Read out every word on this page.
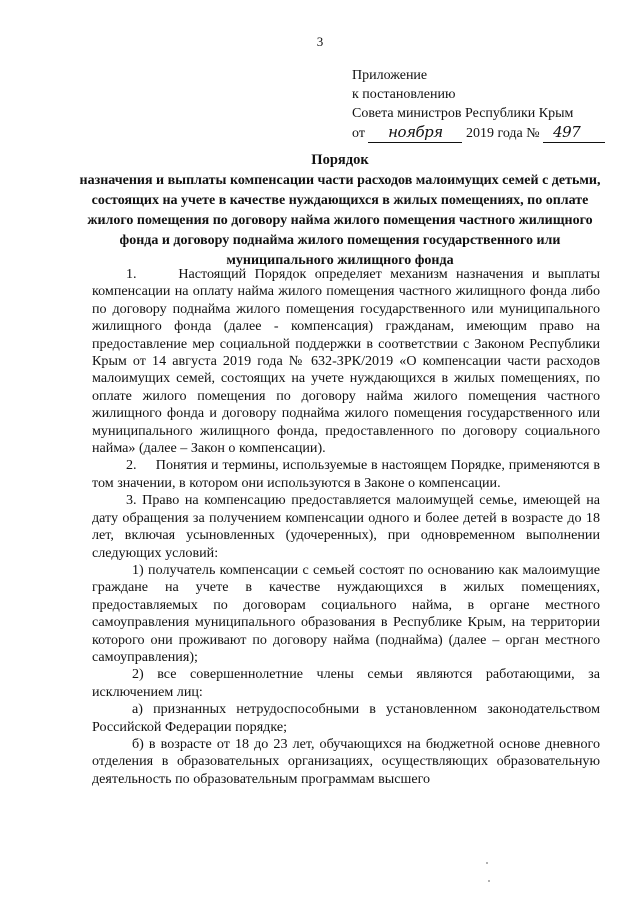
3
Приложение
к постановлению
Совета министров Республики Крым
от ноября 2019 года № 497
Порядок
назначения и выплаты компенсации части расходов малоимущих семей с детьми, состоящих на учете в качестве нуждающихся в жилых помещениях, по оплате жилого помещения по договору найма жилого помещения частного жилищного фонда и договору поднайма жилого помещения государственного или муниципального жилищного фонда

1.     Настоящий Порядок определяет механизм назначения и выплаты компенсации на оплату найма жилого помещения частного жилищного фонда либо по договору поднайма жилого помещения государственного или муниципального жилищного фонда (далее - компенсация) гражданам, имеющим право на предоставление мер социальной поддержки в соответствии с Законом Республики Крым от 14 августа 2019 года № 632-ЗРК/2019 «О компенсации части расходов малоимущих семей, состоящих на учете нуждающихся в жилых помещениях, по оплате жилого помещения по договору найма жилого помещения частного жилищного фонда и договору поднайма жилого помещения государственного или муниципального жилищного фонда, предоставленного по договору социального найма» (далее – Закон о компенсации).

2.     Понятия и термины, используемые в настоящем Порядке, применяются в том значении, в котором они используются в Законе о компенсации.

3. Право на компенсацию предоставляется малоимущей семье, имеющей на дату обращения за получением компенсации одного и более детей в возрасте до 18 лет, включая усыновленных (удочеренных), при одновременном выполнении следующих условий:

1) получатель компенсации с семьей состоят по основанию как малоимущие граждане на учете в качестве нуждающихся в жилых помещениях, предоставляемых по договорам социального найма, в органе местного самоуправления муниципального образования в Республике Крым, на территории которого они проживают по договору найма (поднайма) (далее – орган местного самоуправления);

2) все совершеннолетние члены семьи являются работающими, за исключением лиц:

а) признанных нетрудоспособными в установленном законодательством Российской Федерации порядке;

б) в возрасте от 18 до 23 лет, обучающихся на бюджетной основе дневного отделения в образовательных организациях, осуществляющих образовательную деятельность по образовательным программам высшего
